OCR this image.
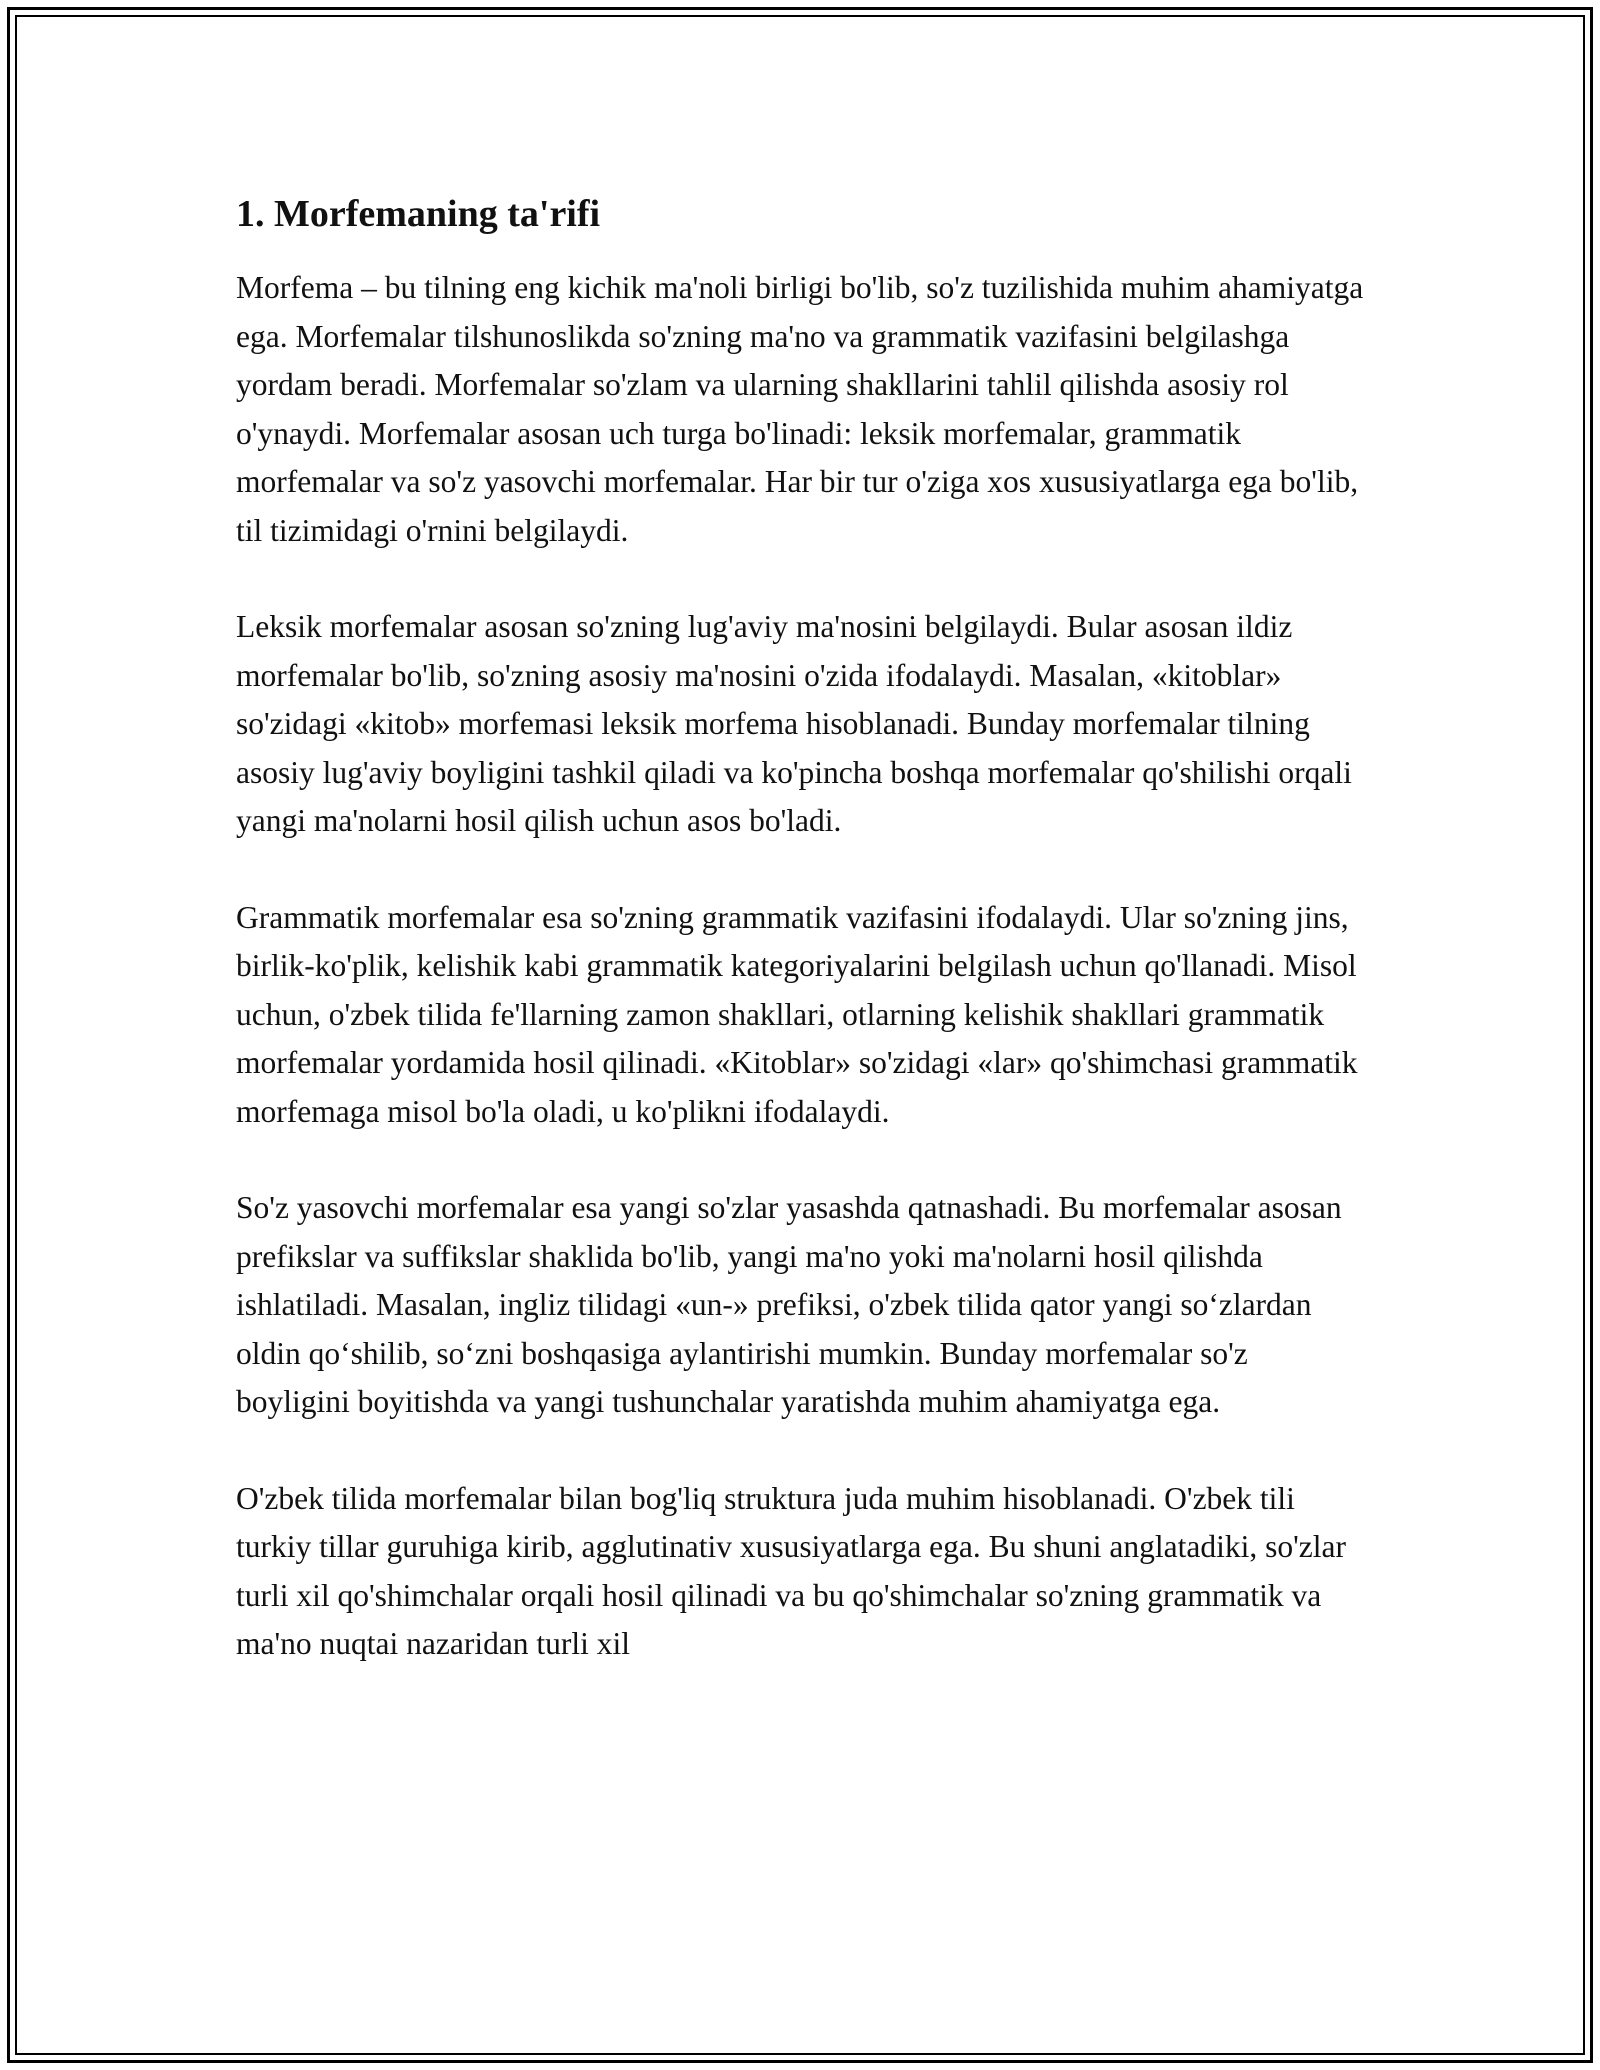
1. Morfemaning ta'rifi

Morfema – bu tilning eng kichik ma'noli birligi bo'lib, so'z tuzilishida muhim ahamiyatga ega. Morfemalar tilshunoslikda so'zning ma'no va grammatik vazifasini belgilashga yordam beradi. Morfemalar so'zlam va ularning shakllarini tahlil qilishda asosiy rol o'ynaydi. Morfemalar asosan uch turga bo'linadi: leksik morfemalar, grammatik morfemalar va so'z yasovchi morfemalar. Har bir tur o'ziga xos xususiyatlarga ega bo'lib, til tizimidagi o'rnini belgilaydi.

Leksik morfemalar asosan so'zning lug'aviy ma'nosini belgilaydi. Bular asosan ildiz morfemalar bo'lib, so'zning asosiy ma'nosini o'zida ifodalaydi. Masalan, «kitoblar» so'zidagi «kitob» morfemasi leksik morfema hisoblanadi. Bunday morfemalar tilning asosiy lug'aviy boyligini tashkil qiladi va ko'pincha boshqa morfemalar qo'shilishi orqali yangi ma'nolarni hosil qilish uchun asos bo'ladi.

Grammatik morfemalar esa so'zning grammatik vazifasini ifodalaydi. Ular so'zning jins, birlik-ko'plik, kelishik kabi grammatik kategoriyalarini belgilash uchun qo'llanadi. Misol uchun, o'zbek tilida fe'llarning zamon shakllari, otlarning kelishik shakllari grammatik morfemalar yordamida hosil qilinadi. «Kitoblar» so'zidagi «lar» qo'shimchasi grammatik morfemaga misol bo'la oladi, u ko'plikni ifodalaydi.

So'z yasovchi morfemalar esa yangi so'zlar yasashda qatnashadi. Bu morfemalar asosan prefikslar va suffikslar shaklida bo'lib, yangi ma'no yoki ma'nolarni hosil qilishda ishlatiladi. Masalan, ingliz tilidagi «un-» prefiksi, o'zbek tilida qator yangi so‘zlardan oldin qo‘shilib, so‘zni boshqasiga aylantirishi mumkin. Bunday morfemalar so'z boyligini boyitishda va yangi tushunchalar yaratishda muhim ahamiyatga ega.

O'zbek tilida morfemalar bilan bog'liq struktura juda muhim hisoblanadi. O'zbek tili turkiy tillar guruhiga kirib, agglutinativ xususiyatlarga ega. Bu shuni anglatadiki, so'zlar turli xil qo'shimchalar orqali hosil qilinadi va bu qo'shimchalar so'zning grammatik va ma'no nuqtai nazaridan turli xil
